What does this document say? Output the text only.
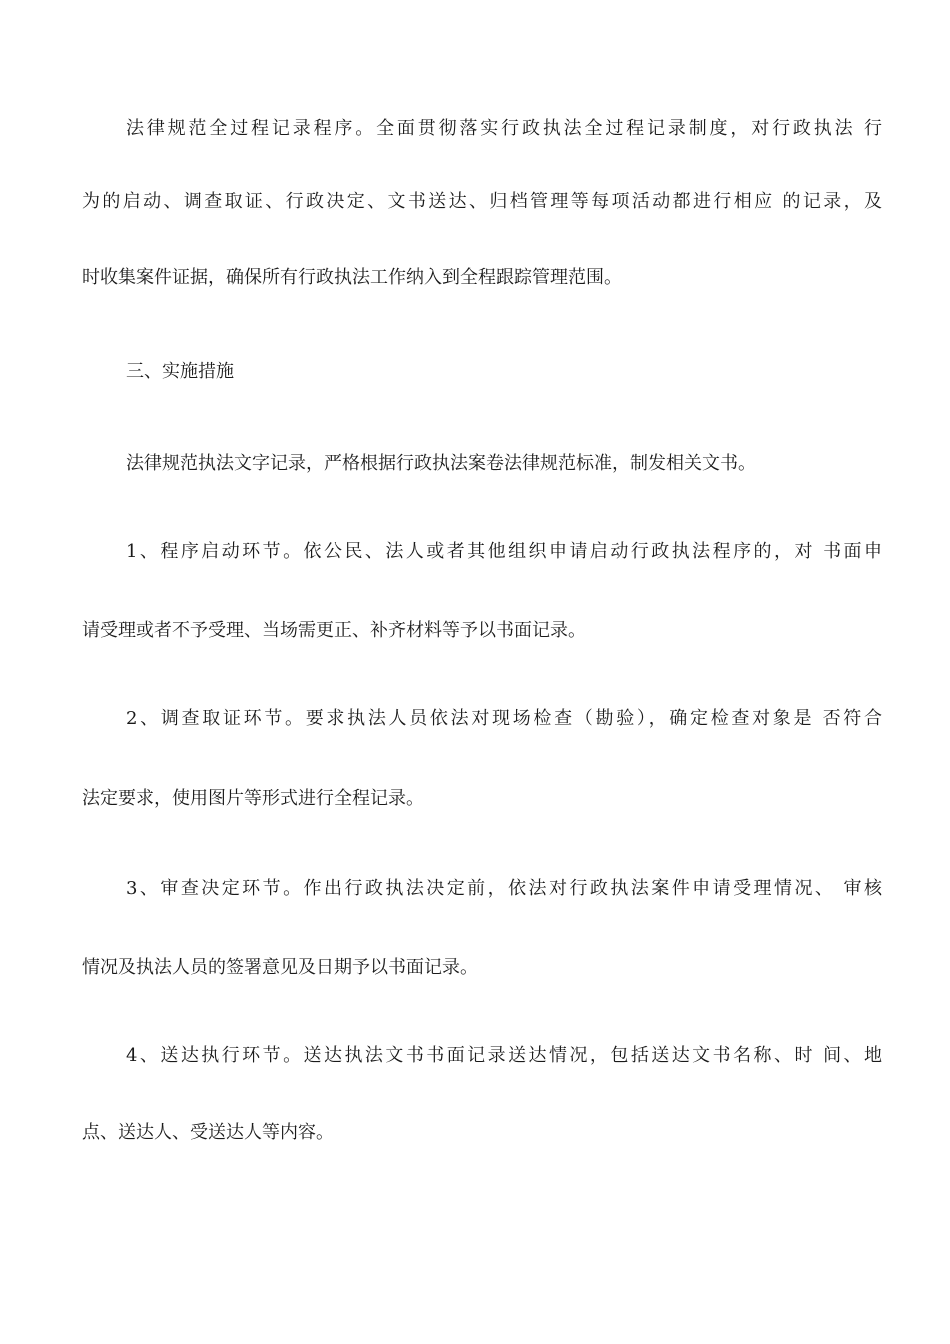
法律规范全过程记录程序。全面贯彻落实行政执法全过程记录制度，对行政执法 行
为的启动、调查取证、行政决定、文书送达、归档管理等每项活动都进行相应 的记录，及
时收集案件证据，确保所有行政执法工作纳入到全程跟踪管理范围。
三、实施措施
法律规范执法文字记录，严格根据行政执法案卷法律规范标准，制发相关文书。
1、程序启动环节。依公民、法人或者其他组织申请启动行政执法程序的，对 书面申
请受理或者不予受理、当场需更正、补齐材料等予以书面记录。
2、调查取证环节。要求执法人员依法对现场检查（勘验），确定检查对象是 否符合
法定要求，使用图片等形式进行全程记录。
3、审查决定环节。作出行政执法决定前，依法对行政执法案件申请受理情况、 审核
情况及执法人员的签署意见及日期予以书面记录。
4、送达执行环节。送达执法文书书面记录送达情况，包括送达文书名称、时 间、地
点、送达人、受送达人等内容。
